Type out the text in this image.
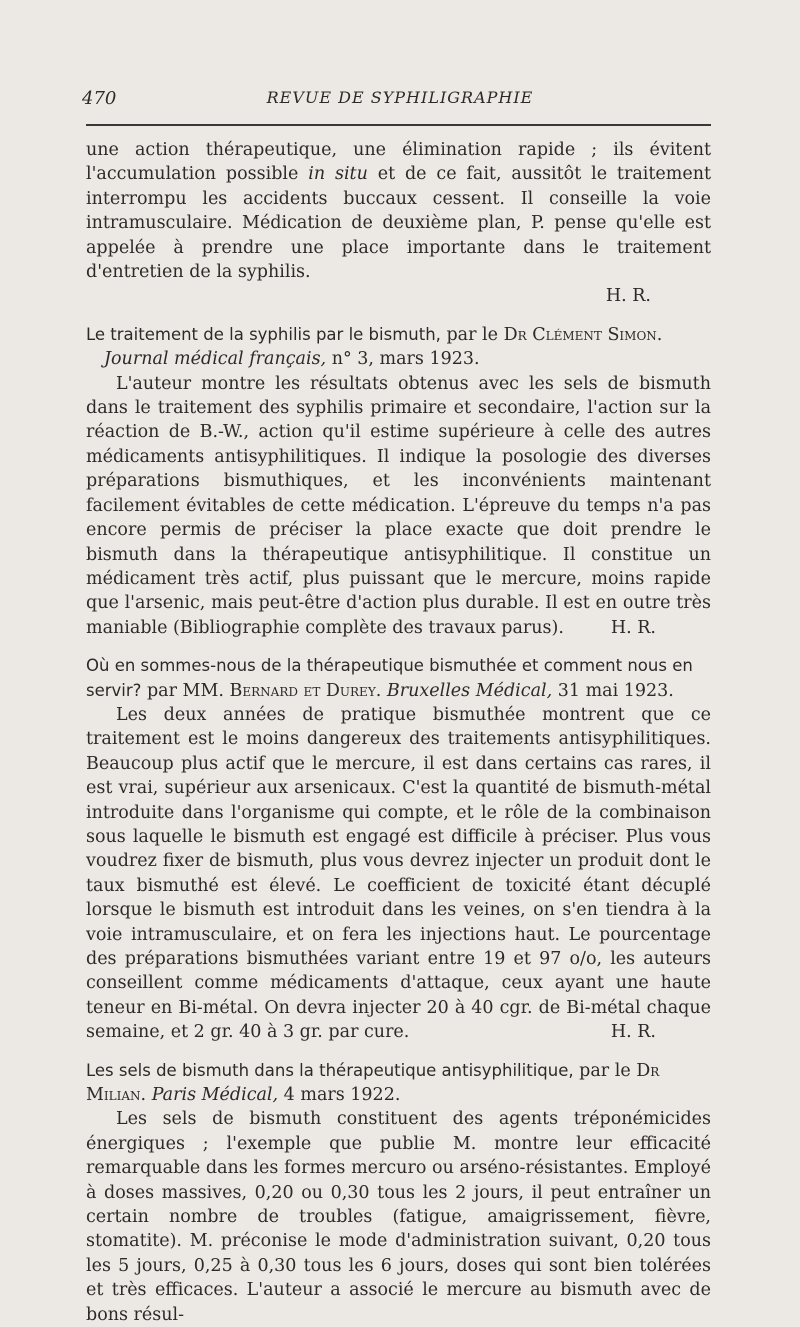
470	REVUE DE SYPHILIGRAPHIE

une action thérapeutique, une élimination rapide ; ils évitent l'accumulation possible in situ et de ce fait, aussitôt le traitement interrompu les accidents buccaux cessent. Il conseille la voie intramusculaire. Médication de deuxième plan, P. pense qu'elle est appelée à prendre une place importante dans le traitement d'entretien de la syphilis.

H. R.
Le traitement de la syphilis par le bismuth, par le Dr Clément Simon.
Journal médical français, n° 3, mars 1923.

L'auteur montre les résultats obtenus avec les sels de bismuth dans le traitement des syphilis primaire et secondaire, l'action sur la réaction de B.-W., action qu'il estime supérieure à celle des autres médicaments antisyphilitiques. Il indique la posologie des diverses préparations bismuthiques, et les inconvénients maintenant facilement évitables de cette médication. L'épreuve du temps n'a pas encore permis de préciser la place exacte que doit prendre le bismuth dans la thérapeutique antisyphilitique. Il constitue un médicament très actif, plus puissant que le mercure, moins rapide que l'arsenic, mais peut-être d'action plus durable. Il est en outre très maniable (Bibliographie complète des travaux parus).	H. R.

Où en sommes-nous de la thérapeutique bismuthée et comment nous en servir? par MM. Bernard et Durey. Bruxelles Médical, 31 mai 1923.

Les deux années de pratique bismuthée montrent que ce traitement est le moins dangereux des traitements antisyphilitiques. Beaucoup plus actif que le mercure, il est dans certains cas rares, il est vrai, supérieur aux arsenicaux. C'est la quantité de bismuth-métal introduite dans l'organisme qui compte, et le rôle de la combinaison sous laquelle le bismuth est engagé est difficile à préciser. Plus vous voudrez fixer de bismuth, plus vous devrez injecter un produit dont le taux bismuthé est élevé. Le coefficient de toxicité étant décuplé lorsque le bismuth est introduit dans les veines, on s'en tiendra à la voie intramusculaire, et on fera les injections haut. Le pourcentage des préparations bismuthées variant entre 19 et 97 o/o, les auteurs conseillent comme médicaments d'attaque, ceux ayant une haute teneur en Bi-métal. On devra injecter 20 à 40 cgr. de Bi-métal chaque semaine, et 2 gr. 40 à 3 gr. par cure.	H. R.

Les sels de bismuth dans la thérapeutique antisyphilitique, par le Dr Milian. Paris Médical, 4 mars 1922.

Les sels de bismuth constituent des agents tréponémicides énergiques ; l'exemple que publie M. montre leur efficacité remarquable dans les formes mercuro ou arséno-résistantes. Employé à doses massives, 0,20 ou 0,30 tous les 2 jours, il peut entraîner un certain nombre de troubles (fatigue, amaigrissement, fièvre, stomatite). M. préconise le mode d'administration suivant, 0,20 tous les 5 jours, 0,25 à 0,30 tous les 6 jours, doses qui sont bien tolérées et très efficaces. L'auteur a associé le mercure au bismuth avec de bons résul-
